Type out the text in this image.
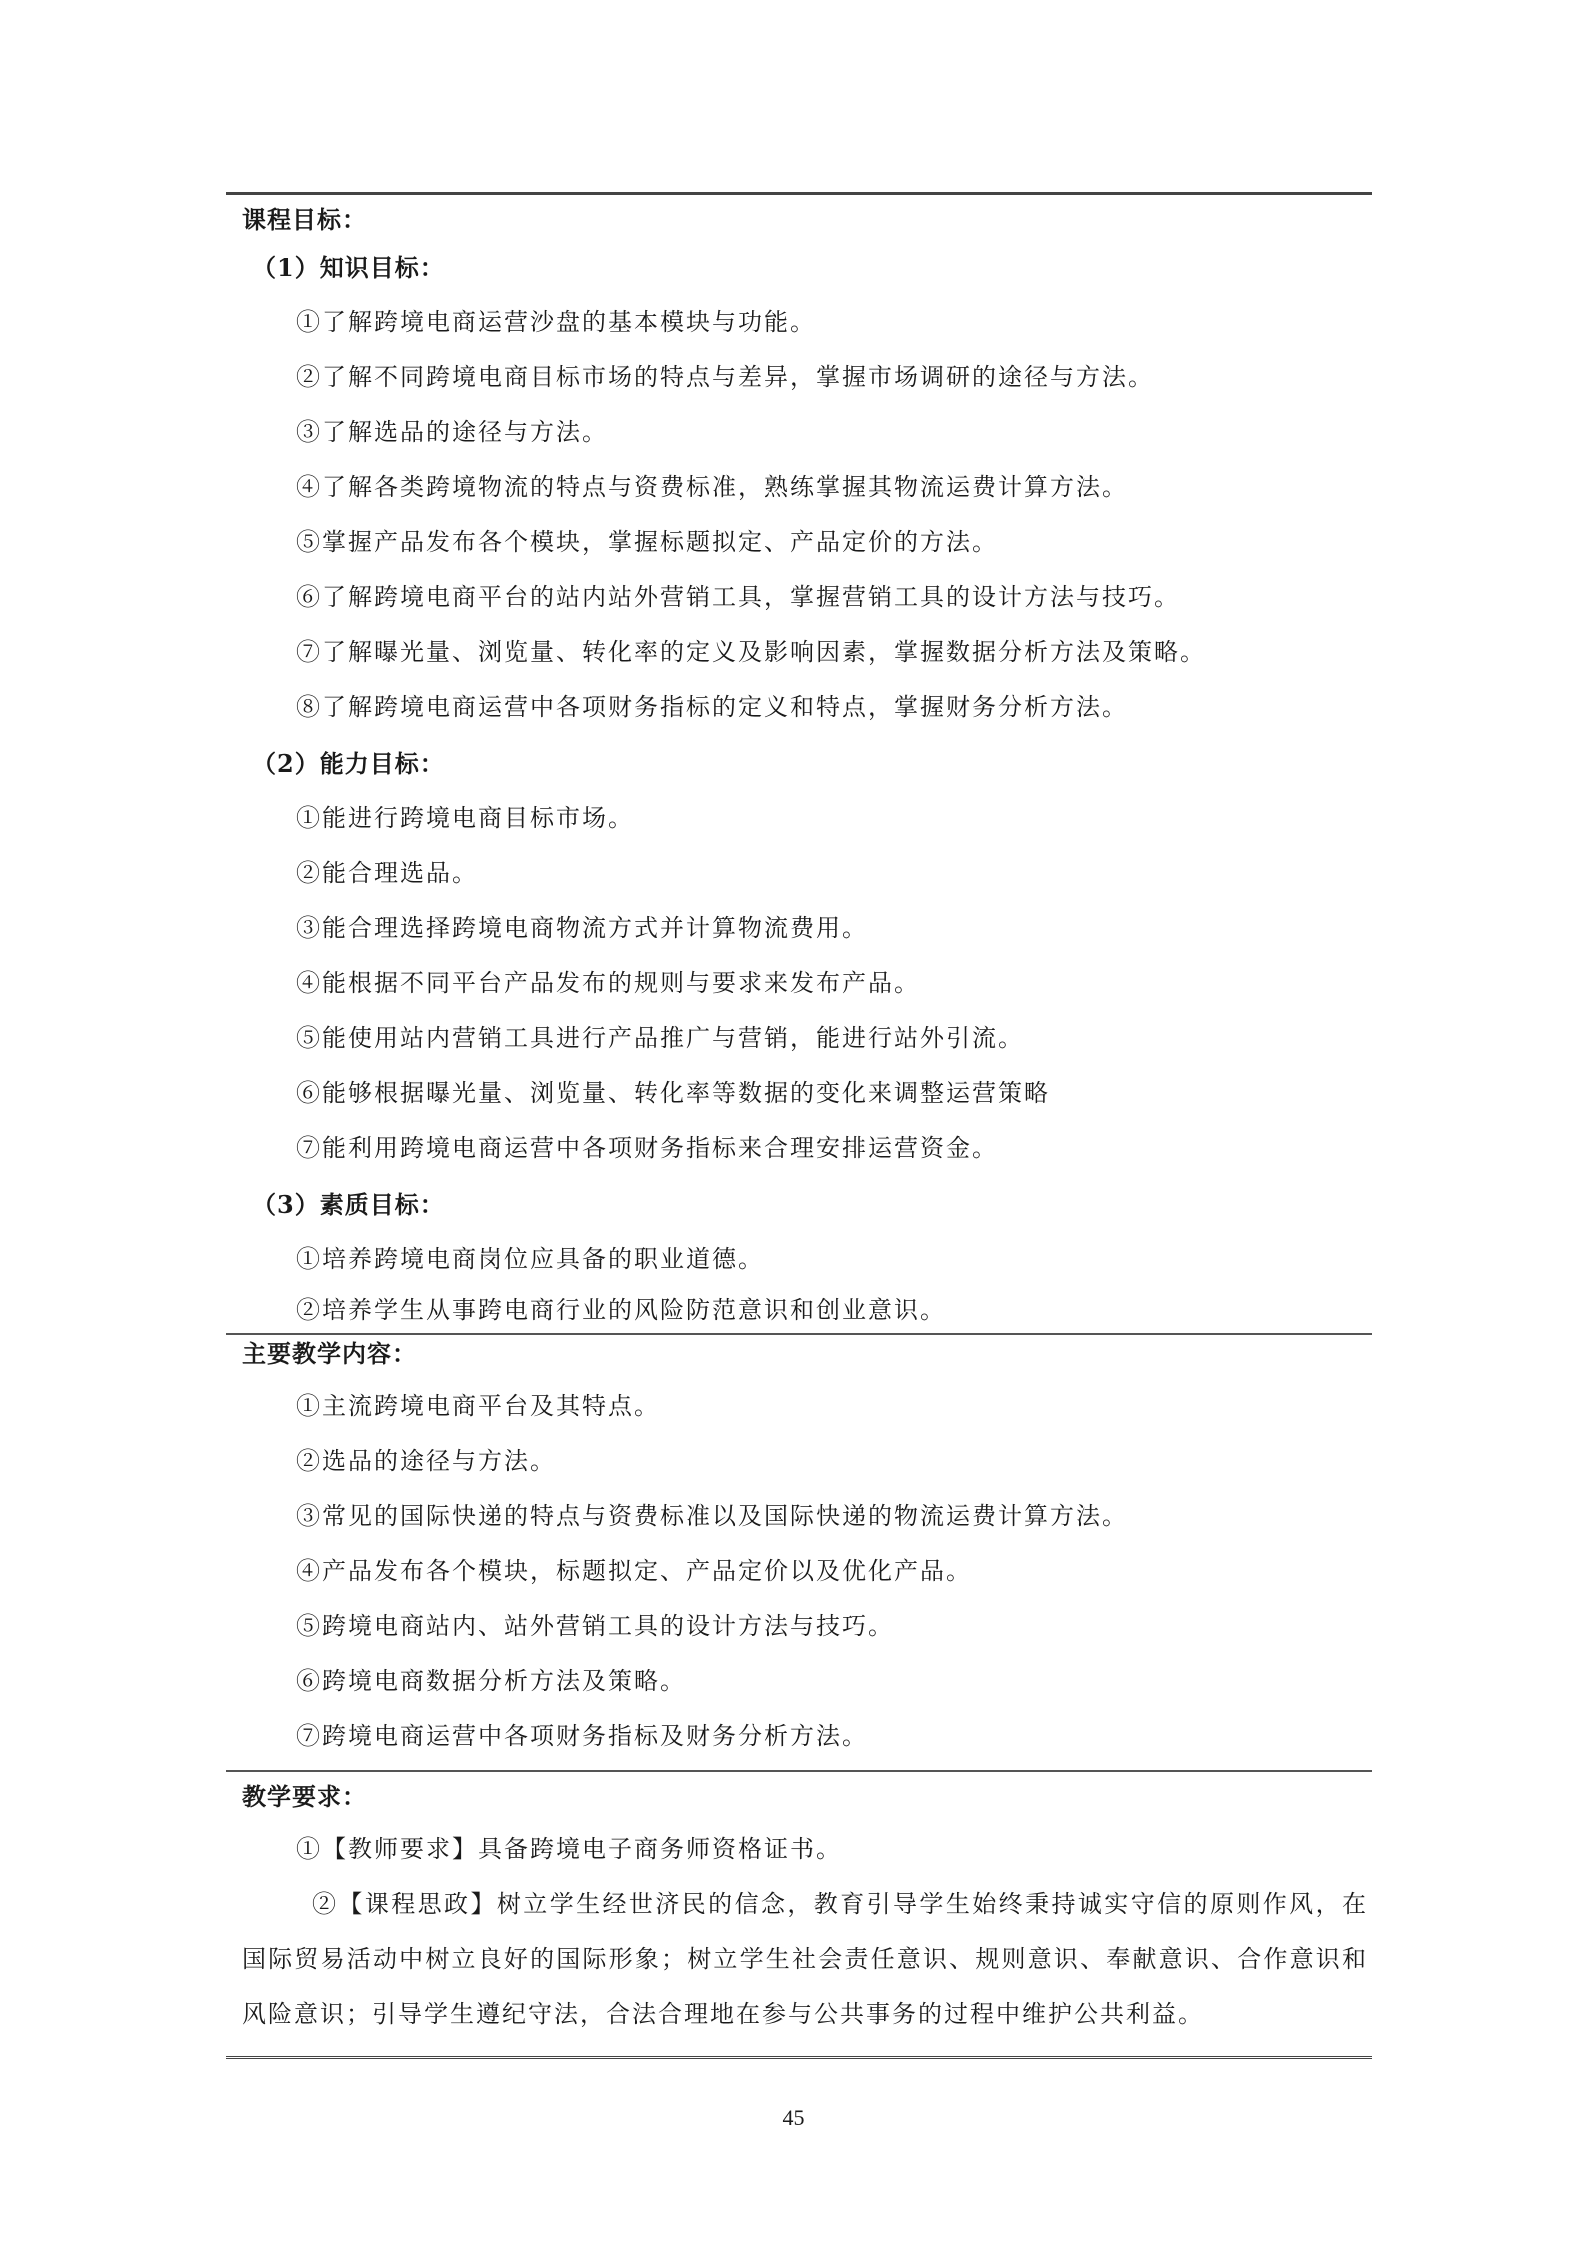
课程目标：
（1）知识目标：
①了解跨境电商运营沙盘的基本模块与功能。
②了解不同跨境电商目标市场的特点与差异，掌握市场调研的途径与方法。
③了解选品的途径与方法。
④了解各类跨境物流的特点与资费标准，熟练掌握其物流运费计算方法。
⑤掌握产品发布各个模块，掌握标题拟定、产品定价的方法。
⑥了解跨境电商平台的站内站外营销工具，掌握营销工具的设计方法与技巧。
⑦了解曝光量、浏览量、转化率的定义及影响因素，掌握数据分析方法及策略。
⑧了解跨境电商运营中各项财务指标的定义和特点，掌握财务分析方法。
（2）能力目标：
①能进行跨境电商目标市场。
②能合理选品。
③能合理选择跨境电商物流方式并计算物流费用。
④能根据不同平台产品发布的规则与要求来发布产品。
⑤能使用站内营销工具进行产品推广与营销，能进行站外引流。
⑥能够根据曝光量、浏览量、转化率等数据的变化来调整运营策略
⑦能利用跨境电商运营中各项财务指标来合理安排运营资金。
（3）素质目标：
①培养跨境电商岗位应具备的职业道德。
②培养学生从事跨电商行业的风险防范意识和创业意识。
主要教学内容：
①主流跨境电商平台及其特点。
②选品的途径与方法。
③常见的国际快递的特点与资费标准以及国际快递的物流运费计算方法。
④产品发布各个模块，标题拟定、产品定价以及优化产品。
⑤跨境电商站内、站外营销工具的设计方法与技巧。
⑥跨境电商数据分析方法及策略。
⑦跨境电商运营中各项财务指标及财务分析方法。
教学要求：

①【教师要求】具备跨境电子商务师资格证书。

②【课程思政】树立学生经世济民的信念，教育引导学生始终秉持诚实守信的原则作风，在国际贸易活动中树立良好的国际形象；树立学生社会责任意识、规则意识、奉献意识、合作意识和风险意识；引导学生遵纪守法，合法合理地在参与公共事务的过程中维护公共利益。

45
